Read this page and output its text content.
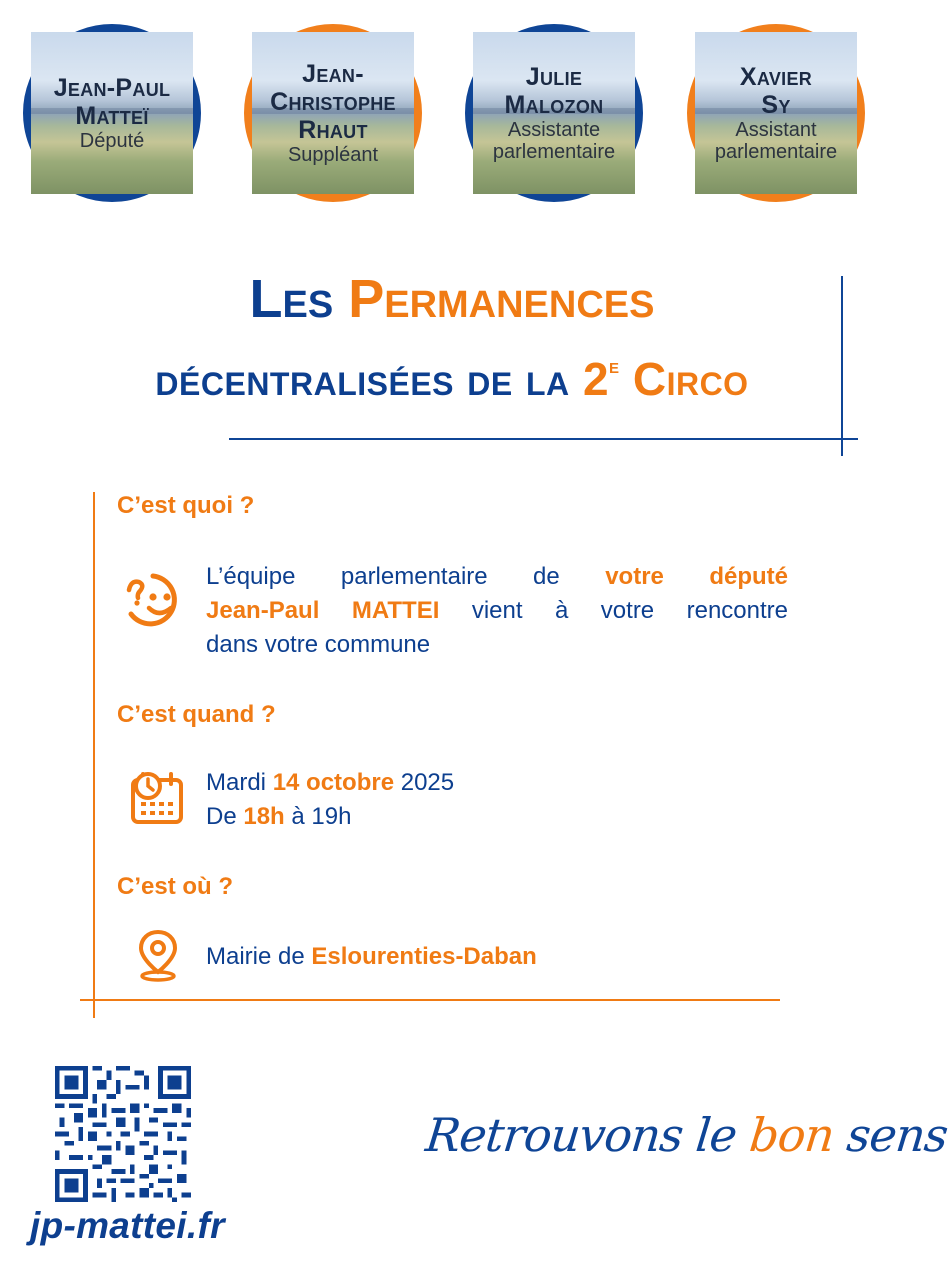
Jean-Paul
Matteï
Député
Jean-
Christophe
Rhaut
Suppléant
Julie
Malozon
Assistante
parlementaire
Xavier
Sy
Assistant
parlementaire
Les Permanences
décentralisées de la 2e Circo
C’est quoi ?
L’équipe parlementaire de votre député
Jean-Paul MATTEI vient à votre rencontre
dans votre commune
C’est quand ?
Mardi 14 octobre 2025
De 18h à 19h
C’est où ?
Mairie de Eslourenties-Daban
jp-mattei.fr
Retrouvons le bon sens
